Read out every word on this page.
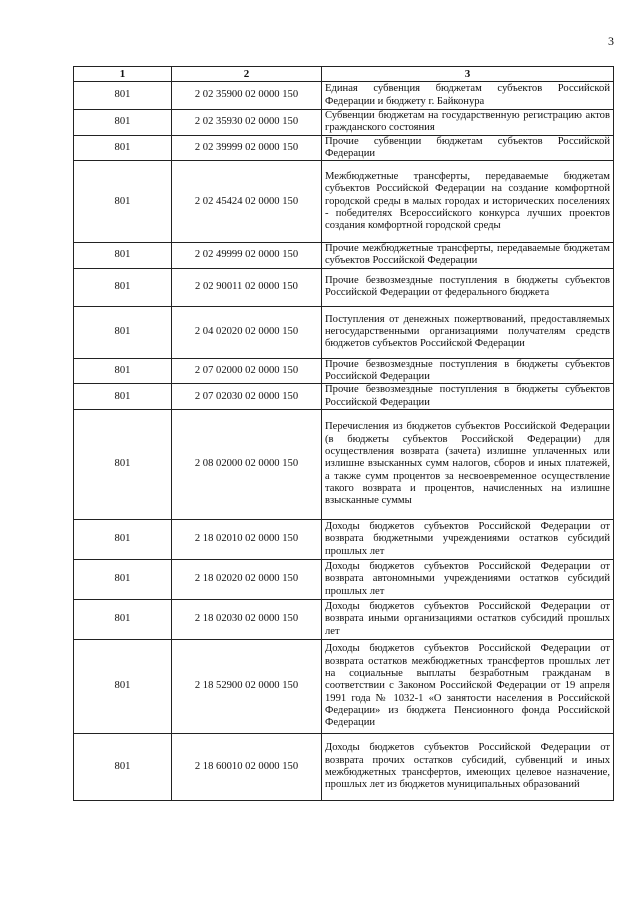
3
1	2	3
801	2 02 35900 02 0000 150	Единая субвенция бюджетам субъектов Российской Федерации и бюджету г. Байконура
801	2 02 35930 02 0000 150	Субвенции бюджетам на государственную регистрацию актов гражданского состояния
801	2 02 39999 02 0000 150	Прочие субвенции бюджетам субъектов Российской Федерации
801	2 02 45424 02 0000 150	Межбюджетные трансферты, передаваемые бюджетам субъектов Российской Федерации на создание комфортной городской среды в малых городах и исторических поселениях - победителях Всероссийского конкурса лучших проектов создания комфортной городской среды
801	2 02 49999 02 0000 150	Прочие межбюджетные трансферты, передаваемые бюджетам субъектов Российской Федерации
801	2 02 90011 02 0000 150	Прочие безвозмездные поступления в бюджеты субъектов Российской Федерации от федерального бюджета
801	2 04 02020 02 0000 150	Поступления от денежных пожертвований, предоставляемых негосударственными организациями получателям средств бюджетов субъектов Российской Федерации
801	2 07 02000 02 0000 150	Прочие безвозмездные поступления в бюджеты субъектов Российской Федерации
801	2 07 02030 02 0000 150	Прочие безвозмездные поступления в бюджеты субъектов Российской Федерации
801	2 08 02000 02 0000 150	Перечисления из бюджетов субъектов Российской Федерации (в бюджеты субъектов Российской Федерации) для осуществления возврата (зачета) излишне уплаченных или излишне взысканных сумм налогов, сборов и иных платежей, а также сумм процентов за несвоевременное осуществление такого возврата и процентов, начисленных на излишне взысканные суммы
801	2 18 02010 02 0000 150	Доходы бюджетов субъектов Российской Федерации от возврата бюджетными учреждениями остатков субсидий прошлых лет
801	2 18 02020 02 0000 150	Доходы бюджетов субъектов Российской Федерации от возврата автономными учреждениями остатков субсидий прошлых лет
801	2 18 02030 02 0000 150	Доходы бюджетов субъектов Российской Федерации от возврата иными организациями остатков субсидий прошлых лет
801	2 18 52900 02 0000 150	Доходы бюджетов субъектов Российской Федерации от возврата остатков межбюджетных трансфертов прошлых лет на социальные выплаты безработным гражданам в соответствии с Законом Российской Федерации от 19 апреля 1991 года № 1032-1 «О занятости населения в Российской Федерации» из бюджета Пенсионного фонда Российской Федерации
801	2 18 60010 02 0000 150	Доходы бюджетов субъектов Российской Федерации от возврата прочих остатков субсидий, субвенций и иных межбюджетных трансфертов, имеющих целевое назначение, прошлых лет из бюджетов муниципальных образований
